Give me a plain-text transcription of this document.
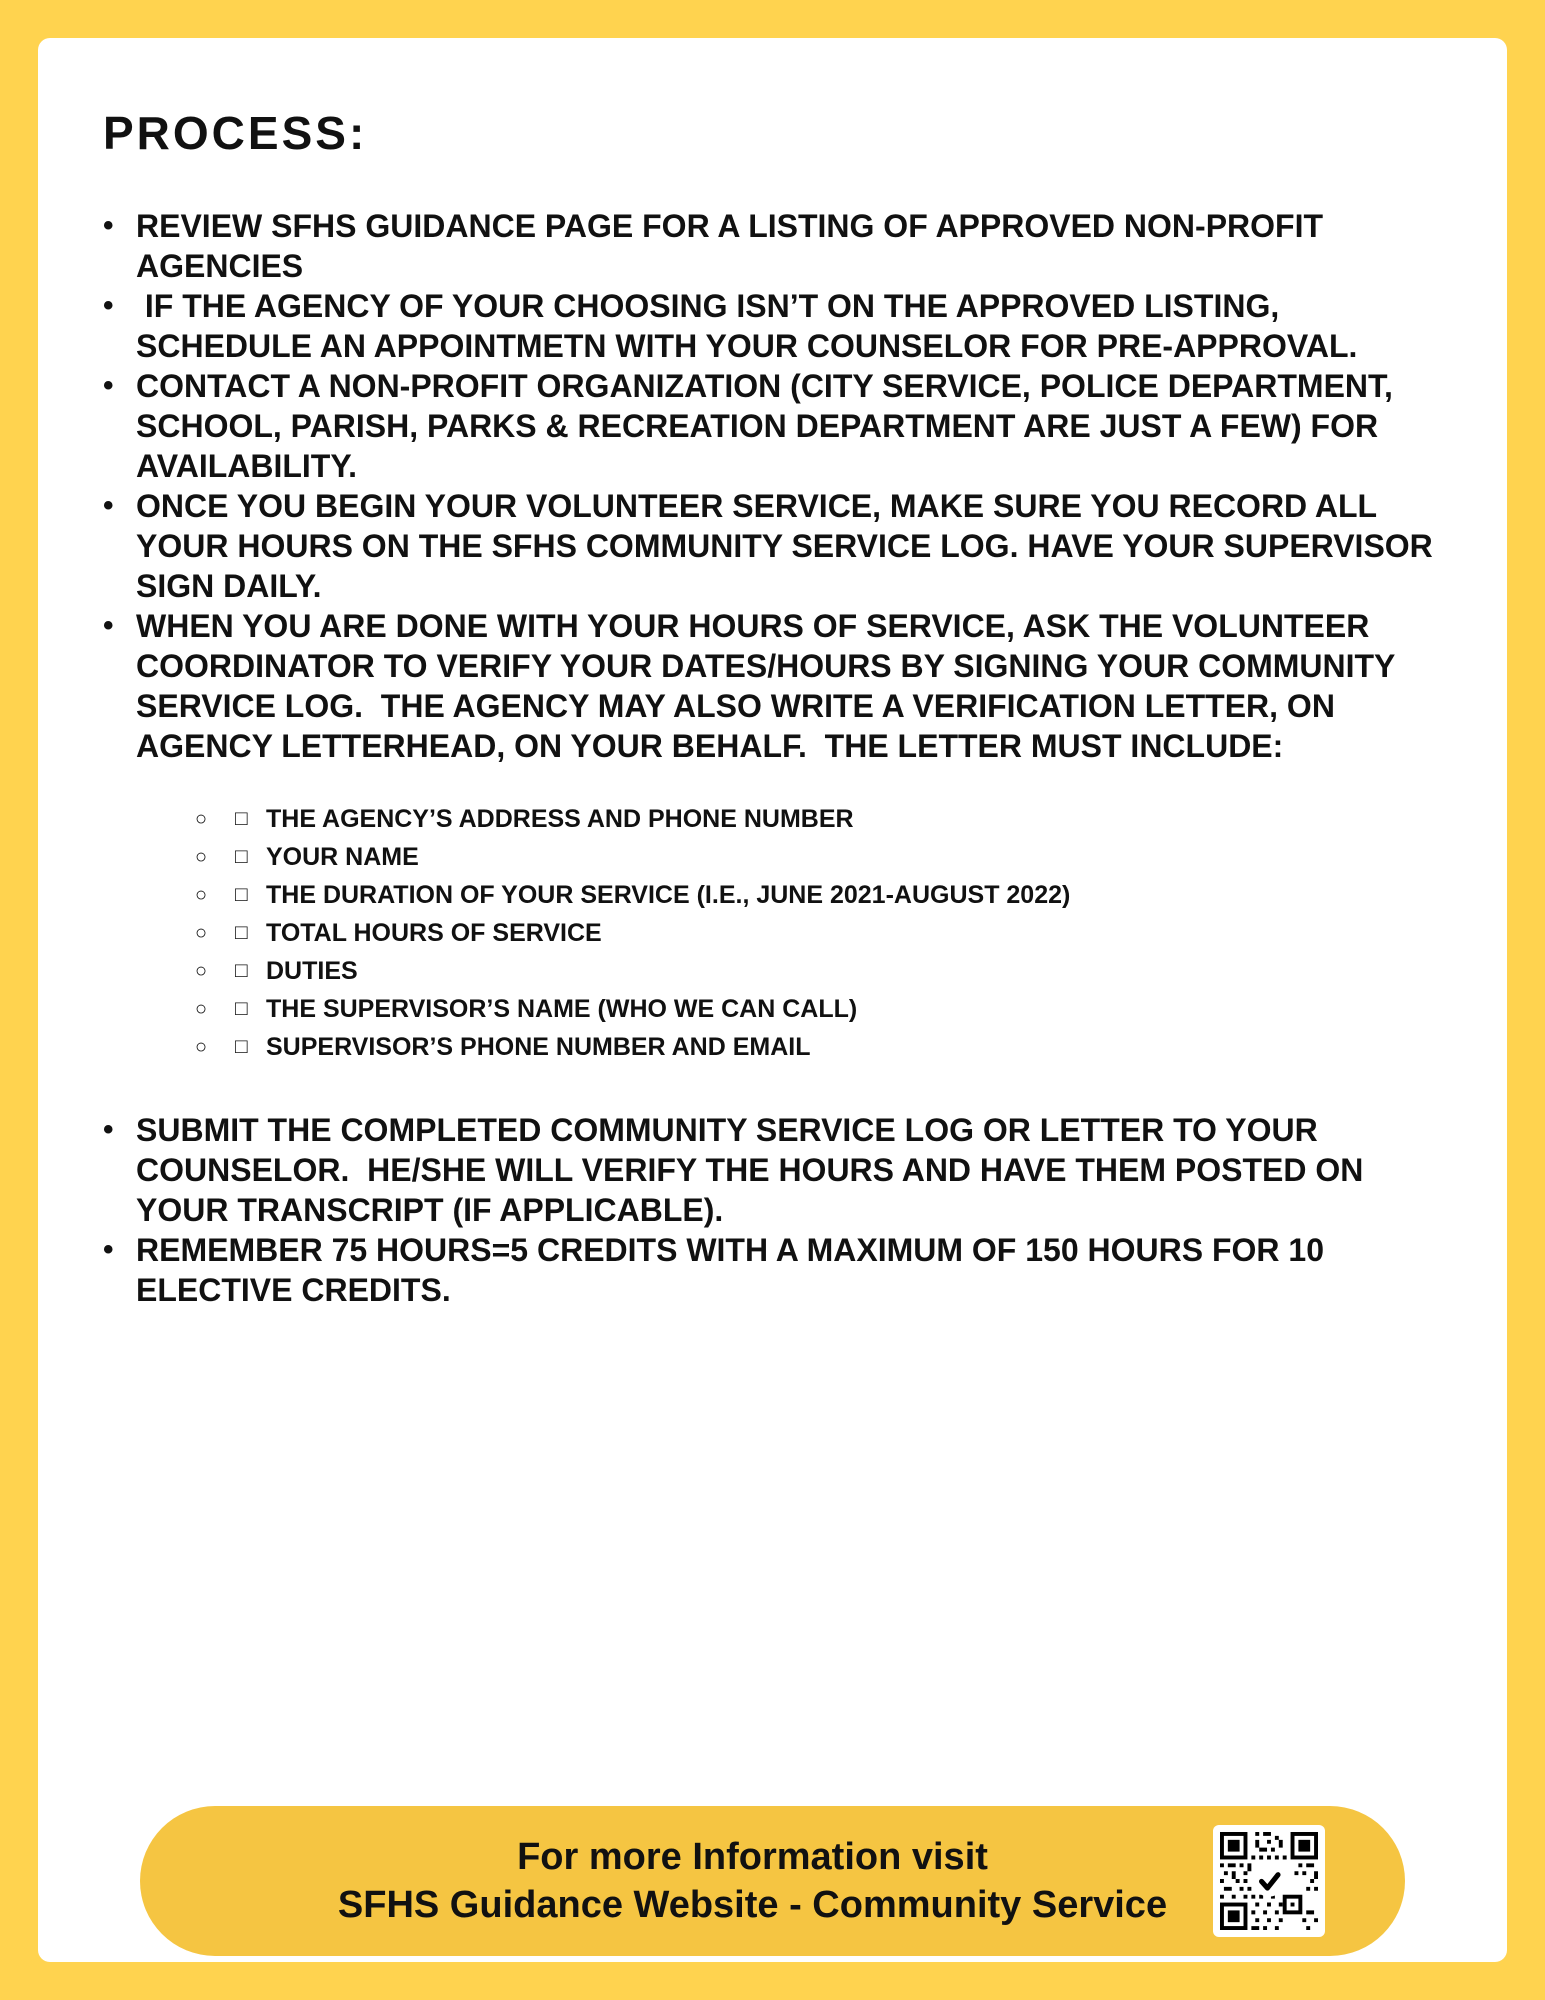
PROCESS:
• REVIEW SFHS GUIDANCE PAGE FOR A LISTING OF APPROVED NON-PROFIT AGENCIES
• IF THE AGENCY OF YOUR CHOOSING ISN’T ON THE APPROVED LISTING, SCHEDULE AN APPOINTMETN WITH YOUR COUNSELOR FOR PRE-APPROVAL.
• CONTACT A NON-PROFIT ORGANIZATION (CITY SERVICE, POLICE DEPARTMENT, SCHOOL, PARISH, PARKS & RECREATION DEPARTMENT ARE JUST A FEW) FOR AVAILABILITY.
• ONCE YOU BEGIN YOUR VOLUNTEER SERVICE, MAKE SURE YOU RECORD ALL YOUR HOURS ON THE SFHS COMMUNITY SERVICE LOG. HAVE YOUR SUPERVISOR SIGN DAILY.
• WHEN YOU ARE DONE WITH YOUR HOURS OF SERVICE, ASK THE VOLUNTEER COORDINATOR TO VERIFY YOUR DATES/HOURS BY SIGNING YOUR COMMUNITY SERVICE LOG.  THE AGENCY MAY ALSO WRITE A VERIFICATION LETTER, ON AGENCY LETTERHEAD, ON YOUR BEHALF.  THE LETTER MUST INCLUDE:
○	□ THE AGENCY’S ADDRESS AND PHONE NUMBER
○	□ YOUR NAME
○	□ THE DURATION OF YOUR SERVICE (I.E., JUNE 2021-AUGUST 2022)
○	□ TOTAL HOURS OF SERVICE
○	□ DUTIES
○	□ THE SUPERVISOR’S NAME (WHO WE CAN CALL)
○	□ SUPERVISOR’S PHONE NUMBER AND EMAIL
• SUBMIT THE COMPLETED COMMUNITY SERVICE LOG OR LETTER TO YOUR COUNSELOR.  HE/SHE WILL VERIFY THE HOURS AND HAVE THEM POSTED ON YOUR TRANSCRIPT (IF APPLICABLE).
• REMEMBER 75 HOURS=5 CREDITS WITH A MAXIMUM OF 150 HOURS FOR 10 ELECTIVE CREDITS.
For more Information visit
SFHS Guidance Website - Community Service
